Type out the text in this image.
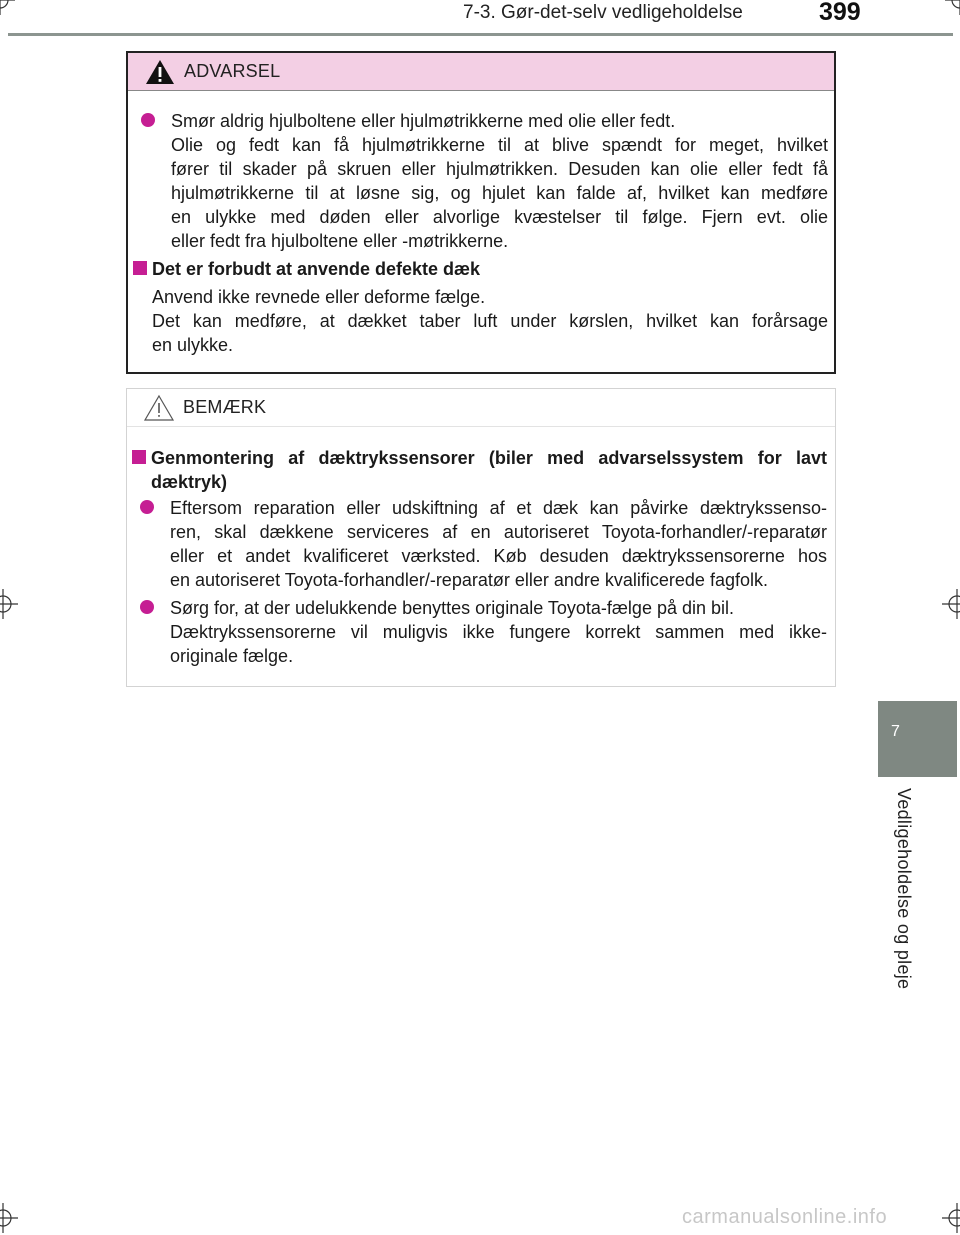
7-3. Gør-det-selv vedligeholdelse	399
ADVARSEL
Smør aldrig hjulboltene eller hjulmøtrikkerne med olie eller fedt.
Olie og fedt kan få hjulmøtrikkerne til at blive spændt for meget, hvilket
fører til skader på skruen eller hjulmøtrikken. Desuden kan olie eller fedt få
hjulmøtrikkerne til at løsne sig, og hjulet kan falde af, hvilket kan medføre
en ulykke med døden eller alvorlige kvæstelser til følge. Fjern evt. olie
eller fedt fra hjulboltene eller -møtrikkerne.
Det er forbudt at anvende defekte dæk
Anvend ikke revnede eller deforme fælge.
Det kan medføre, at dækket taber luft under kørslen, hvilket kan forårsage
en ulykke.
BEMÆRK
Genmontering af dæktrykssensorer (biler med advarselssystem for lavt
dæktryk)
Eftersom reparation eller udskiftning af et dæk kan påvirke dæktrykssenso-
ren, skal dækkene serviceres af en autoriseret Toyota-forhandler/-reparatør
eller et andet kvalificeret værksted. Køb desuden dæktrykssensorerne hos
en autoriseret Toyota-forhandler/-reparatør eller andre kvalificerede fagfolk.
Sørg for, at der udelukkende benyttes originale Toyota-fælge på din bil.
Dæktrykssensorerne vil muligvis ikke fungere korrekt sammen med ikke-
originale fælge.
7
Vedligeholdelse og pleje
carmanualsonline.info
